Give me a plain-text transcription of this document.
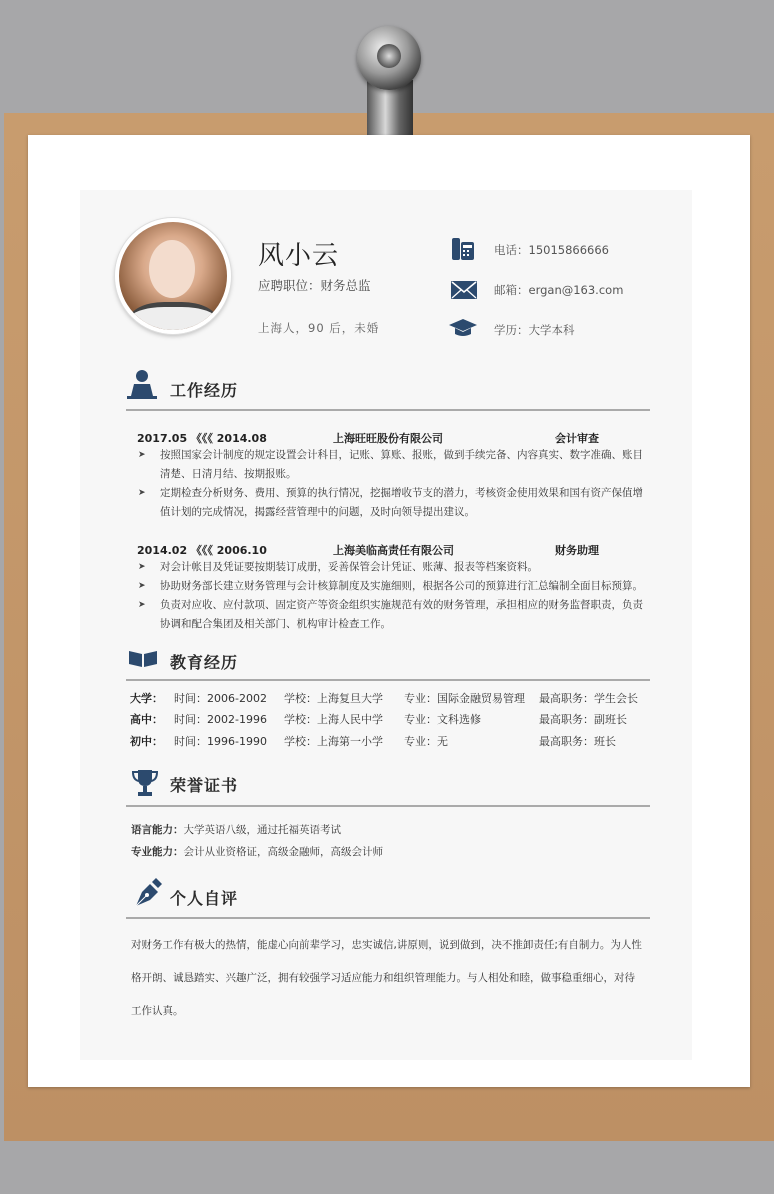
风小云
应聘职位：财务总监
上海人，90 后，未婚
电话：15015866666
邮箱：ergan@163.com
学历：大学本科
工作经历
2017.05 《《《 2014.08	上海旺旺股份有限公司	会计审查
➤ 按照国家会计制度的规定设置会计科目，记账、算账、报账，做到手续完备、内容真实、数字准确、账目
清楚、日清月结、按期报账。
➤ 定期检查分析财务、费用、预算的执行情况，挖掘增收节支的潜力，考核资金使用效果和国有资产保值增
值计划的完成情况，揭露经营管理中的问题，及时向领导提出建议。
2014.02 《《《 2006.10	上海美临高责任有限公司	财务助理
➤ 对会计帐目及凭证要按期装订成册，妥善保管会计凭证、账薄、报表等档案资料。
➤ 协助财务部长建立财务管理与会计核算制度及实施细则，根据各公司的预算进行汇总编制全面目标预算。
➤ 负责对应收、应付款项、固定资产等资金组织实施规范有效的财务管理，承担相应的财务监督职责，负责
协调和配合集团及相关部门、机构审计检查工作。
教育经历
大学： 时间：2006-2002 学校：上海复旦大学 专业：国际金融贸易管理 最高职务：学生会长
高中： 时间：2002-1996 学校：上海人民中学 专业：文科选修	最高职务：副班长
初中： 时间：1996-1990 学校：上海第一小学 专业：无	最高职务：班长
荣誉证书
语言能力：大学英语八级，通过托福英语考试
专业能力：会计从业资格证，高级金融师，高级会计师
个人自评
对财务工作有极大的热情，能虚心向前辈学习，忠实诚信,讲原则，说到做到，决不推卸责任;有自制力。为人性
格开朗、诚恳踏实、兴趣广泛，拥有较强学习适应能力和组织管理能力。与人相处和睦，做事稳重细心，对待
工作认真。
